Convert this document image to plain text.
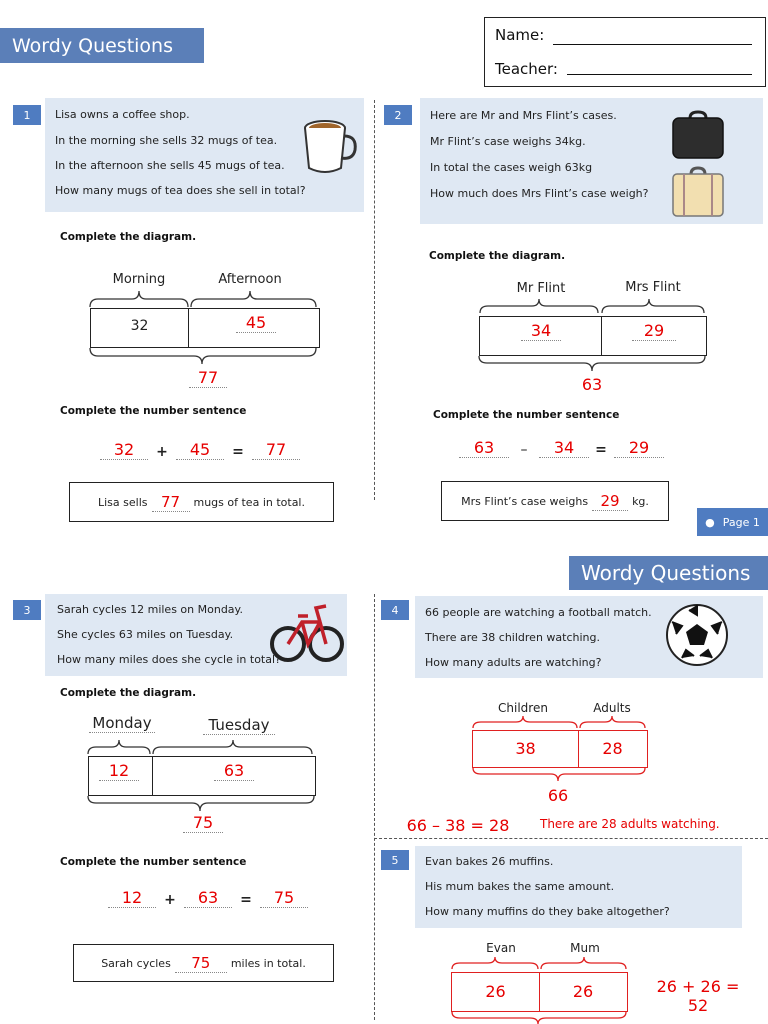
Wordy Questions	Name:
Teacher:
1	Lisa owns a coffee shop.
In the morning she sells 32 mugs of tea.
In the afternoon she sells 45 mugs of tea.
How many mugs of tea does she sell in total?
Complete the diagram.
Morning	Afternoon
32	45
77
Complete the number sentence
32	+	45	=	77
Lisa sells 77	mugs of tea in total.
2	Here are Mr and Mrs Flint’s cases.
Mr Flint’s case weighs 34kg.
In total the cases weigh 63kg
How much does Mrs Flint’s case weigh?
Complete the diagram.
Mr Flint	Mrs Flint
34	29
63
Complete the number sentence
63	–	34	=	29
Mrs Flint’s case weighs 29	kg.
● Page 1
Wordy Questions
3	Sarah cycles 12 miles on Monday.
She cycles 63 miles on Tuesday.
How many miles does she cycle in total?
Complete the diagram.
Monday	Tuesday
12	63
75
Complete the number sentence
12	+	63	=	75
Sarah cycles	75	miles in total.
4	66 people are watching a football match.
There are 38 children watching.
How many adults are watching?
Children	Adults
38	28
66
66 – 38 = 28	There are 28 adults watching.
5	Evan bakes 26 muffins.
His mum bakes the same amount.
How many muffins do they bake altogether?
Evan	Mum
26	26	26 + 26 = 52
